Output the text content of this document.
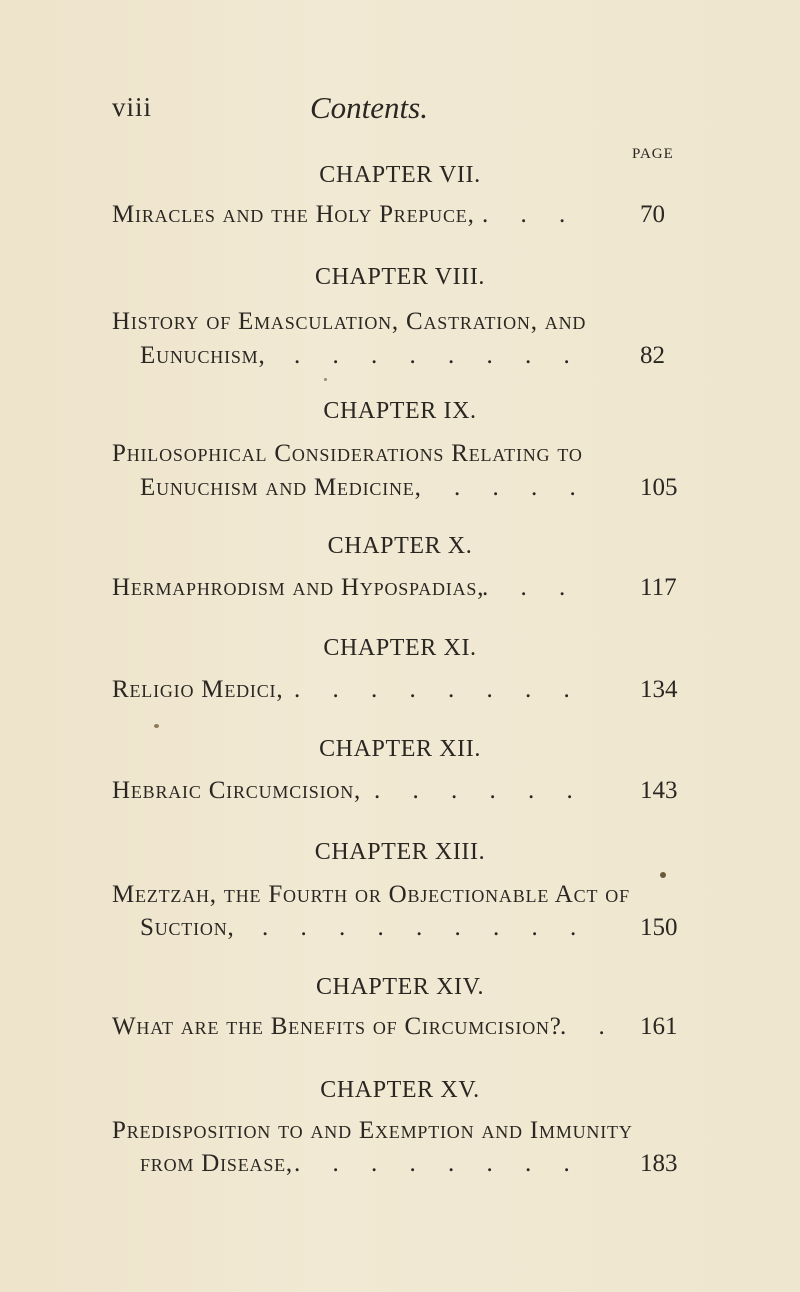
viii	Contents.
PAGE
CHAPTER VII.
Miracles and the Holy Prepuce, . . . 70
CHAPTER VIII.
History of Emasculation, Castration, and
Eunuchism, . . . . . . . . 82
CHAPTER IX.
Philosophical Considerations Relating to
Eunuchism and Medicine, . . . . 105
CHAPTER X.
Hermaphrodism and Hypospadias,
. . . 117
CHAPTER XI.
Religio Medici, . . . . . . . . 134
CHAPTER XII.
Hebraic Circumcision, . . . . . . 143
CHAPTER XIII.
Meztzah, the Fourth or Objectionable Act of
Suction, . . . . . . . . . 150
CHAPTER XIV.
What are the Benefits of Circumcision?
. . 161
CHAPTER XV.
Predisposition to and Exemption and Immunity
from Disease, . . . . . . . . 183
